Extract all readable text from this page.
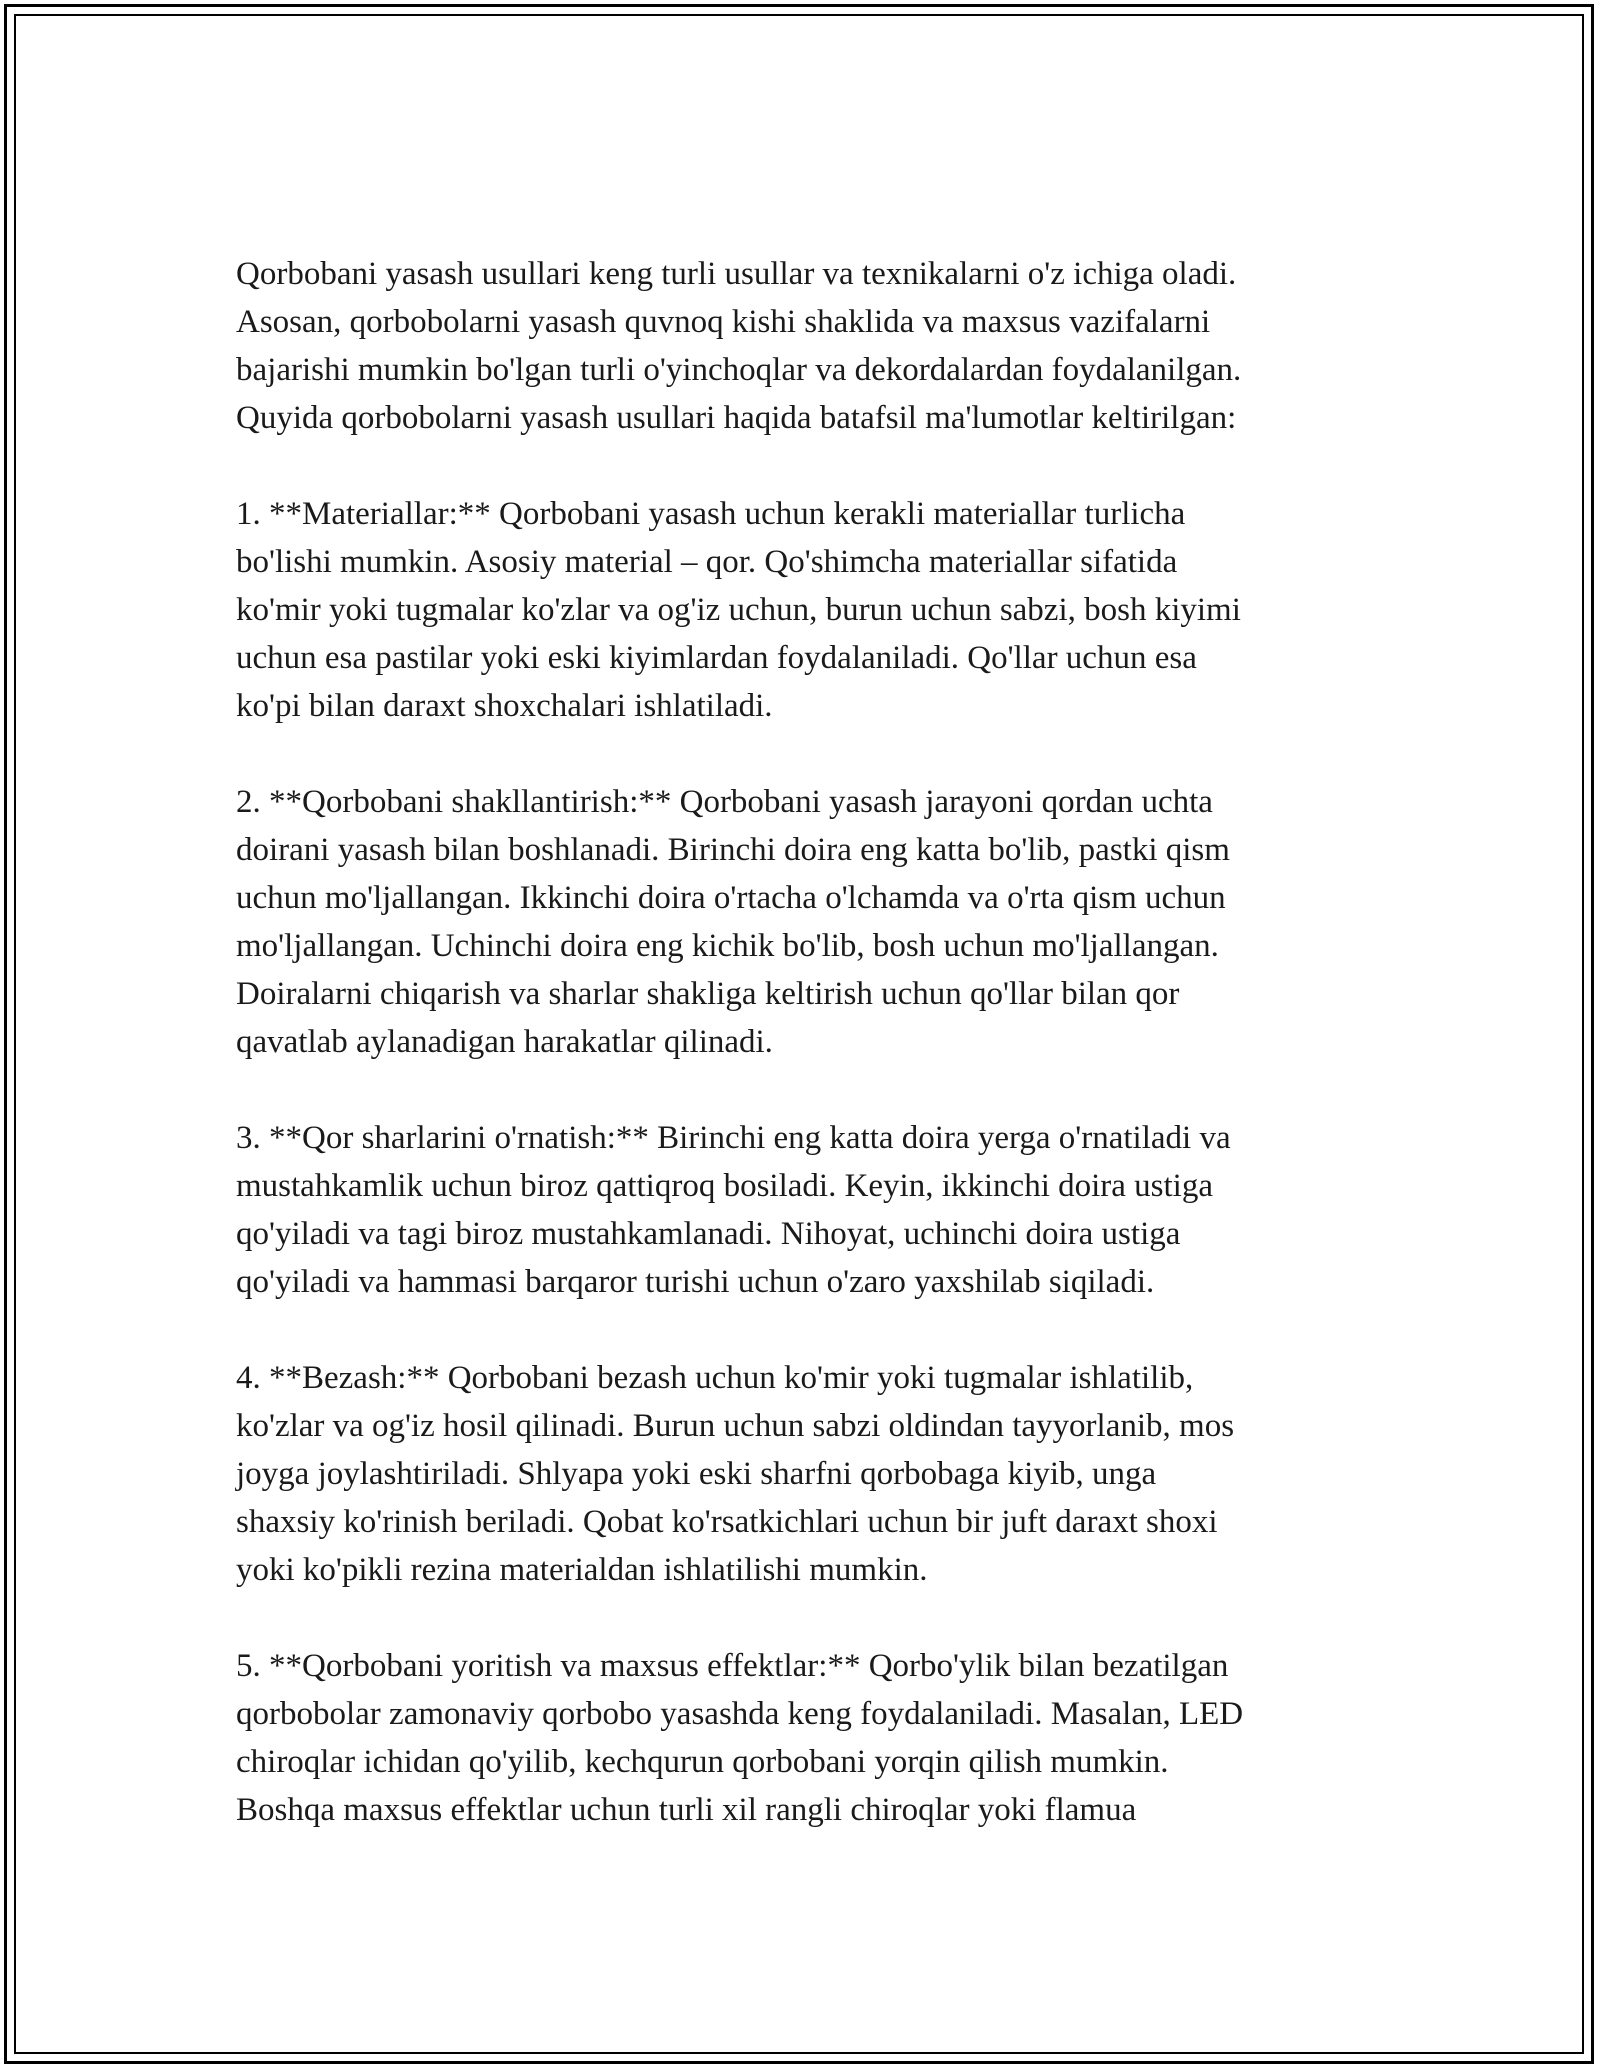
Qorbobani yasash usullari keng turli usullar va texnikalarni o'z ichiga oladi.
Asosan, qorbobolarni yasash quvnoq kishi shaklida va maxsus vazifalarni
bajarishi mumkin bo'lgan turli o'yinchoqlar va dekordalardan foydalanilgan.
Quyida qorbobolarni yasash usullari haqida batafsil ma'lumotlar keltirilgan:

1. **Materiallar:** Qorbobani yasash uchun kerakli materiallar turlicha
bo'lishi mumkin. Asosiy material – qor. Qo'shimcha materiallar sifatida
ko'mir yoki tugmalar ko'zlar va og'iz uchun, burun uchun sabzi, bosh kiyimi
uchun esa pastilar yoki eski kiyimlardan foydalaniladi. Qo'llar uchun esa
ko'pi bilan daraxt shoxchalari ishlatiladi.

2. **Qorbobani shakllantirish:** Qorbobani yasash jarayoni qordan uchta
doirani yasash bilan boshlanadi. Birinchi doira eng katta bo'lib, pastki qism
uchun mo'ljallangan. Ikkinchi doira o'rtacha o'lchamda va o'rta qism uchun
mo'ljallangan. Uchinchi doira eng kichik bo'lib, bosh uchun mo'ljallangan.
Doiralarni chiqarish va sharlar shakliga keltirish uchun qo'llar bilan qor
qavatlab aylanadigan harakatlar qilinadi.

3. **Qor sharlarini o'rnatish:** Birinchi eng katta doira yerga o'rnatiladi va
mustahkamlik uchun biroz qattiqroq bosiladi. Keyin, ikkinchi doira ustiga
qo'yiladi va tagi biroz mustahkamlanadi. Nihoyat, uchinchi doira ustiga
qo'yiladi va hammasi barqaror turishi uchun o'zaro yaxshilab siqiladi.

4. **Bezash:** Qorbobani bezash uchun ko'mir yoki tugmalar ishlatilib,
ko'zlar va og'iz hosil qilinadi. Burun uchun sabzi oldindan tayyorlanib, mos
joyga joylashtiriladi. Shlyapa yoki eski sharfni qorbobaga kiyib, unga
shaxsiy ko'rinish beriladi. Qobat ko'rsatkichlari uchun bir juft daraxt shoxi
yoki ko'pikli rezina materialdan ishlatilishi mumkin.

5. **Qorbobani yoritish va maxsus effektlar:** Qorbo'ylik bilan bezatilgan
qorbobolar zamonaviy qorbobo yasashda keng foydalaniladi. Masalan, LED
chiroqlar ichidan qo'yilib, kechqurun qorbobani yorqin qilish mumkin.
Boshqa maxsus effektlar uchun turli xil rangli chiroqlar yoki flamua
